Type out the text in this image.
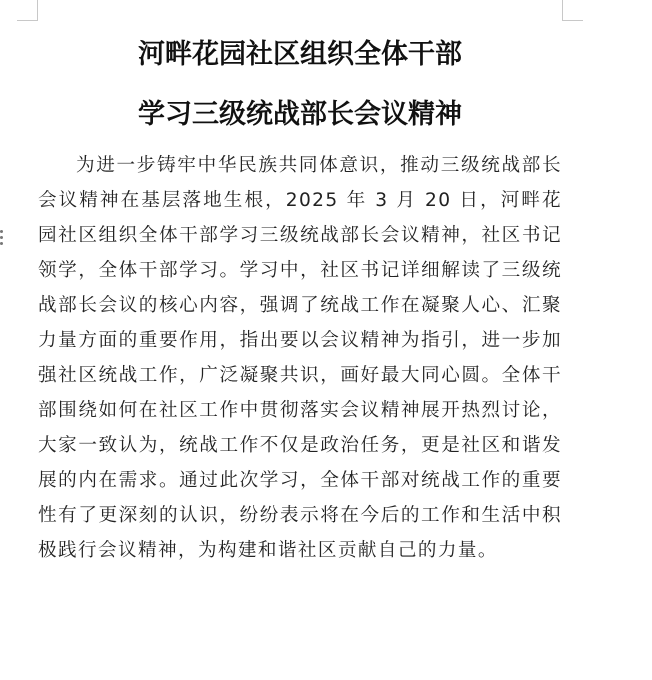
河畔花园社区组织全体干部
学习三级统战部长会议精神

为进一步铸牢中华民族共同体意识，推动三级统战部长会议精神在基层落地生根，2025 年 3 月 20 日，河畔花园社区组织全体干部学习三级统战部长会议精神，社区书记领学，全体干部学习。学习中，社区书记详细解读了三级统战部长会议的核心内容，强调了统战工作在凝聚人心、汇聚力量方面的重要作用，指出要以会议精神为指引，进一步加强社区统战工作，广泛凝聚共识，画好最大同心圆。全体干部围绕如何在社区工作中贯彻落实会议精神展开热烈讨论，大家一致认为，统战工作不仅是政治任务，更是社区和谐发展的内在需求。通过此次学习，全体干部对统战工作的重要性有了更深刻的认识，纷纷表示将在今后的工作和生活中积极践行会议精神，为构建和谐社区贡献自己的力量。
